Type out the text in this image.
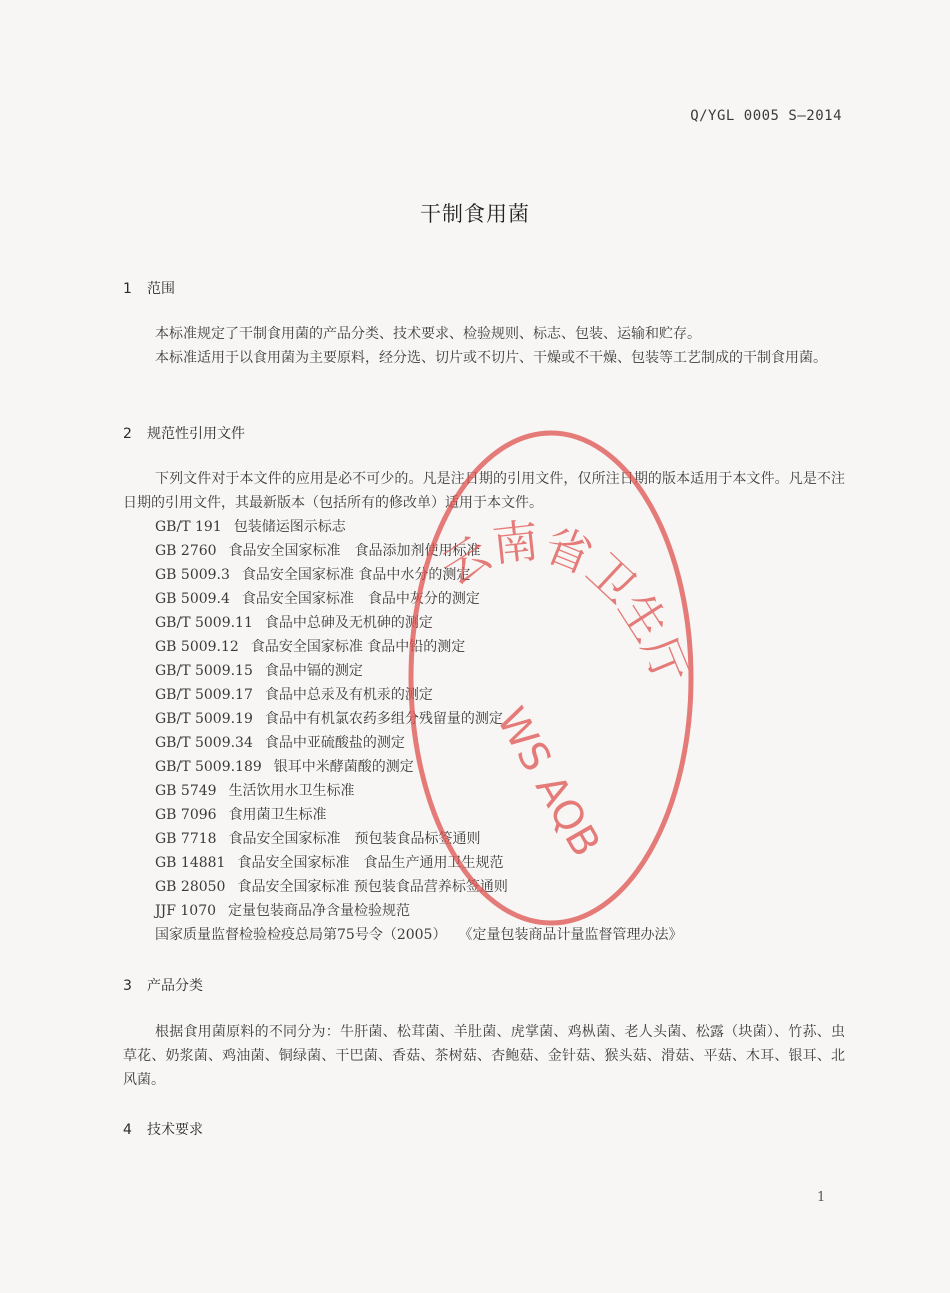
Q/YGL 0005 S—2014
干制食用菌
1 范围

本标准规定了干制食用菌的产品分类、技术要求、检验规则、标志、包装、运输和贮存。

本标准适用于以食用菌为主要原料，经分选、切片或不切片、干燥或不干燥、包装等工艺制成的干制食用菌。

2 规范性引用文件

下列文件对于本文件的应用是必不可少的。凡是注日期的引用文件，仅所注日期的版本适用于本文件。凡是不注日期的引用文件，其最新版本（包括所有的修改单）适用于本文件。

GB/T 191 包装储运图示标志
GB 2760 食品安全国家标准　食品添加剂使用标准
GB 5009.3 食品安全国家标准 食品中水分的测定
GB 5009.4 食品安全国家标准　食品中灰分的测定
GB/T 5009.11 食品中总砷及无机砷的测定
GB 5009.12 食品安全国家标准 食品中铅的测定
GB/T 5009.15 食品中镉的测定
GB/T 5009.17 食品中总汞及有机汞的测定
GB/T 5009.19 食品中有机氯农药多组分残留量的测定
GB/T 5009.34 食品中亚硫酸盐的测定
GB/T 5009.189 银耳中米酵菌酸的测定
GB 5749 生活饮用水卫生标准
GB 7096 食用菌卫生标准
GB 7718 食品安全国家标准　预包装食品标签通则
GB 14881 食品安全国家标准　食品生产通用卫生规范
GB 28050 食品安全国家标准 预包装食品营养标签通则
JJF 1070 定量包装商品净含量检验规范
国家质量监督检验检疫总局第75号令（2005） 《定量包装商品计量监督管理办法》
3 产品分类

根据食用菌原料的不同分为：牛肝菌、松茸菌、羊肚菌、虎掌菌、鸡枞菌、老人头菌、松露（块菌）、竹荪、虫草花、奶浆菌、鸡油菌、铜绿菌、干巴菌、香菇、茶树菇、杏鲍菇、金针菇、猴头菇、滑菇、平菇、木耳、银耳、北风菌。

4 技术要求
1
云南省卫生厅
WS AQB
